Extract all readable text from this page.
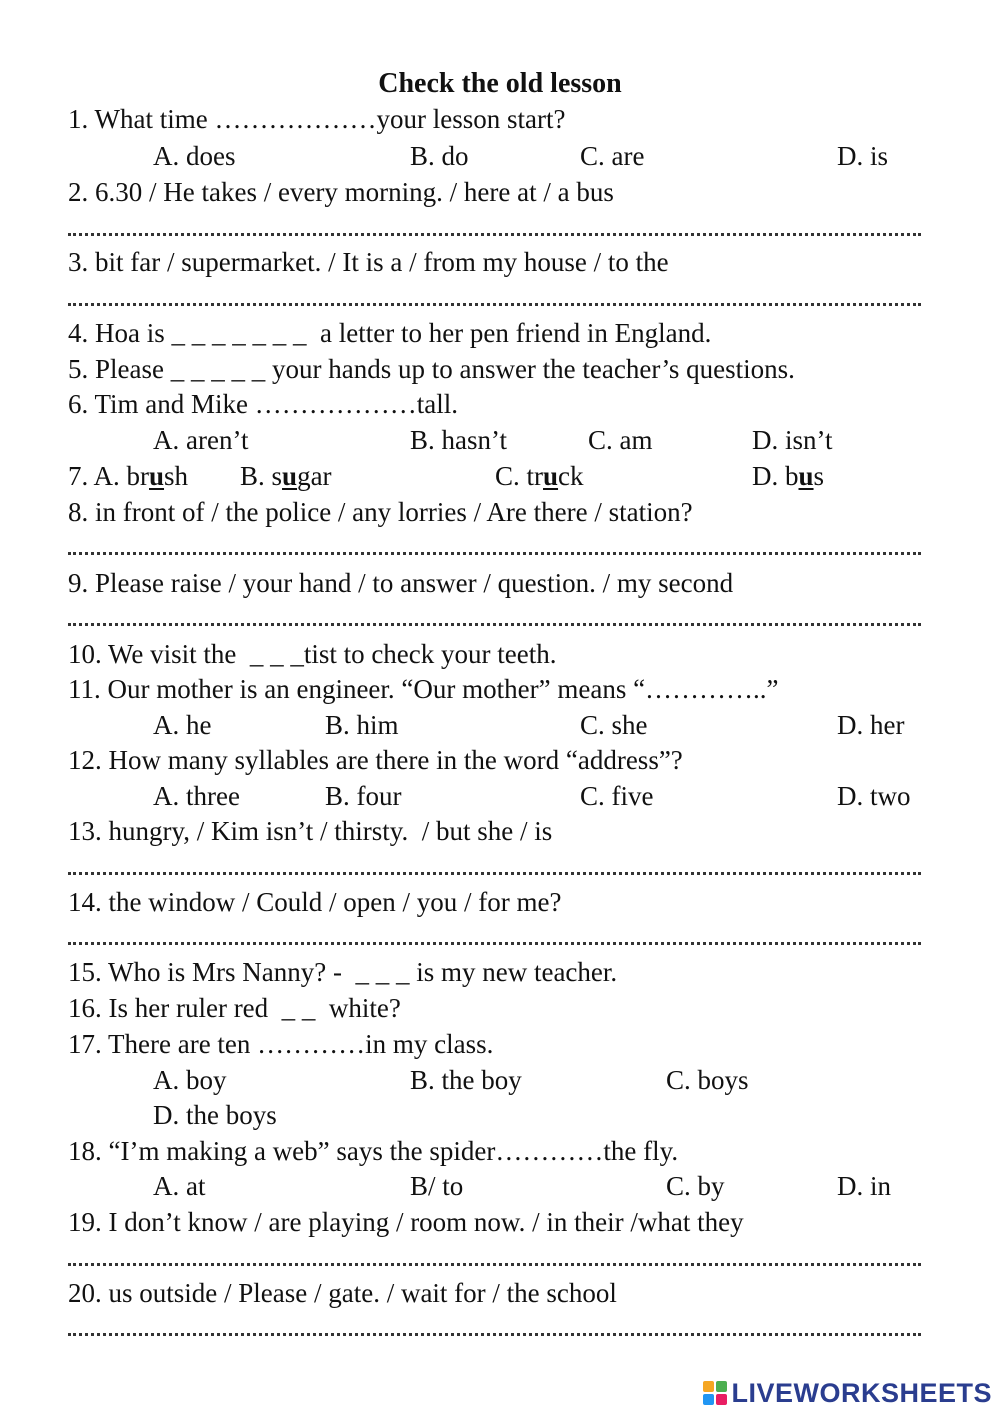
Check the old lesson
1. What time ………………your lesson start?
A. does	B. do	C. are	D. is
2. 6.30 / He takes / every morning. / here at / a bus
3. bit far / supermarket. / It is a / from my house / to the
4. Hoa is _ _ _ _ _ _ _  a letter to her pen friend in England.
5. Please _ _ _ _ _ your hands up to answer the teacher’s questions.
6. Tim and Mike ………………tall.
A. aren’t	B. hasn’t	C. am	D. isn’t
7. A. brush B. sugar	C. truck	D. bus
8. in front of / the police / any lorries / Are there / station?
9. Please raise / your hand / to answer / question. / my second
10. We visit the  _ _ _tist to check your teeth.
11. Our mother is an engineer. “Our mother” means “…………..”
A. he	B. him	C. she	D. her
12. How many syllables are there in the word “address”?
A. three	B. four	C. five	D. two
13. hungry, / Kim isn’t / thirsty.  / but she / is
14. the window / Could / open / you / for me?
15. Who is Mrs Nanny? -  _ _ _ is my new teacher.
16. Is her ruler red  _ _  white?
17. There are ten …………in my class.
A. boy	B. the boy	C. boys
D. the boys
18. “I’m making a web” says the spider…………the fly.
A. at	B/ to	C. by	D. in
19. I don’t know / are playing / room now. / in their /what they
20. us outside / Please / gate. / wait for / the school
LIVEWORKSHEETS
